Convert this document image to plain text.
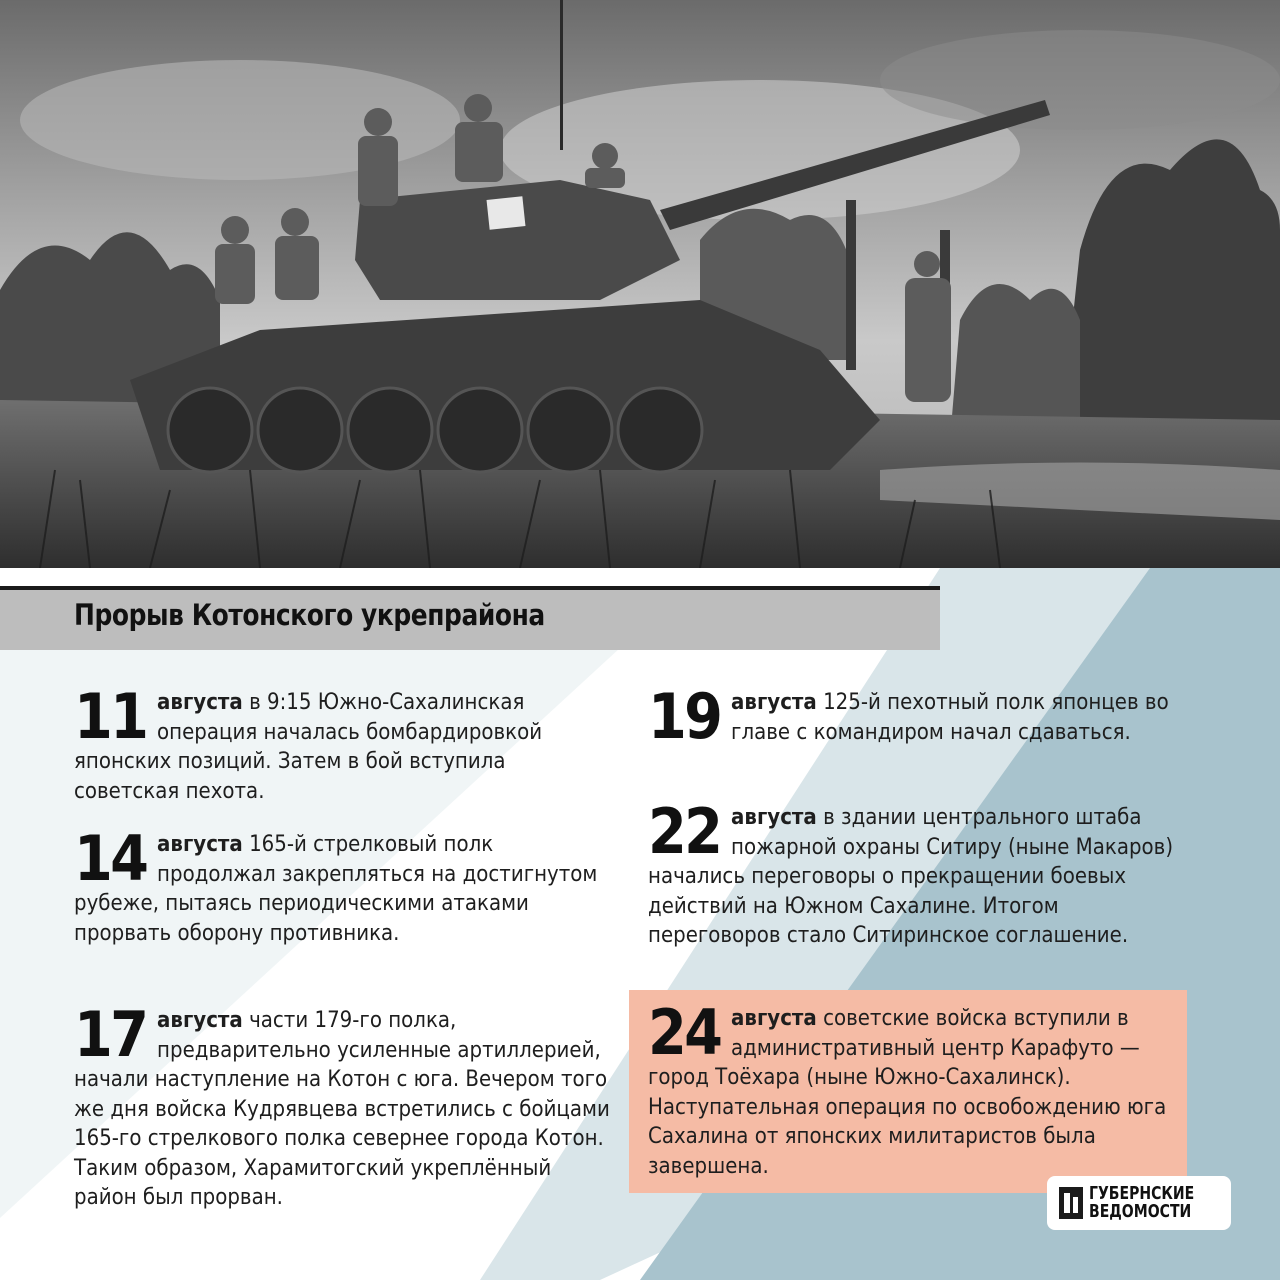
Прорыв Котонского укрепрайона
11 августа в 9:15 Южно-Сахалинская операция началась бомбардировкой японских позиций. Затем в бой вступила советская пехота.
14 августа 165-й стрелковый полк продолжал закрепляться на достигнутом рубеже, пытаясь периодическими атаками прорвать оборону противника.
17 августа части 179-го полка, предварительно усиленные артиллерией, начали наступление на Котон с юга. Вечером того же дня войска Кудрявцева встретились с бойцами 165-го стрелкового полка севернее города Котон. Таким образом, Харамитогский укреплённый район был прорван.
19 августа 125-й пехотный полк японцев во главе с командиром начал сдаваться.
22 августа в здании центрального штаба пожарной охраны Ситиру (ныне Макаров) начались переговоры о прекращении боевых действий на Южном Сахалине. Итогом переговоров стало Ситиринское соглашение.
24 августа советские войска вступили в административный центр Карафуто — город Тоёхара (ныне Южно-Сахалинск). Наступательная операция по освобождению юга Сахалина от японских милитаристов была завершена.
ГУБЕРНСКИЕ
ВЕДОМОСТИ
